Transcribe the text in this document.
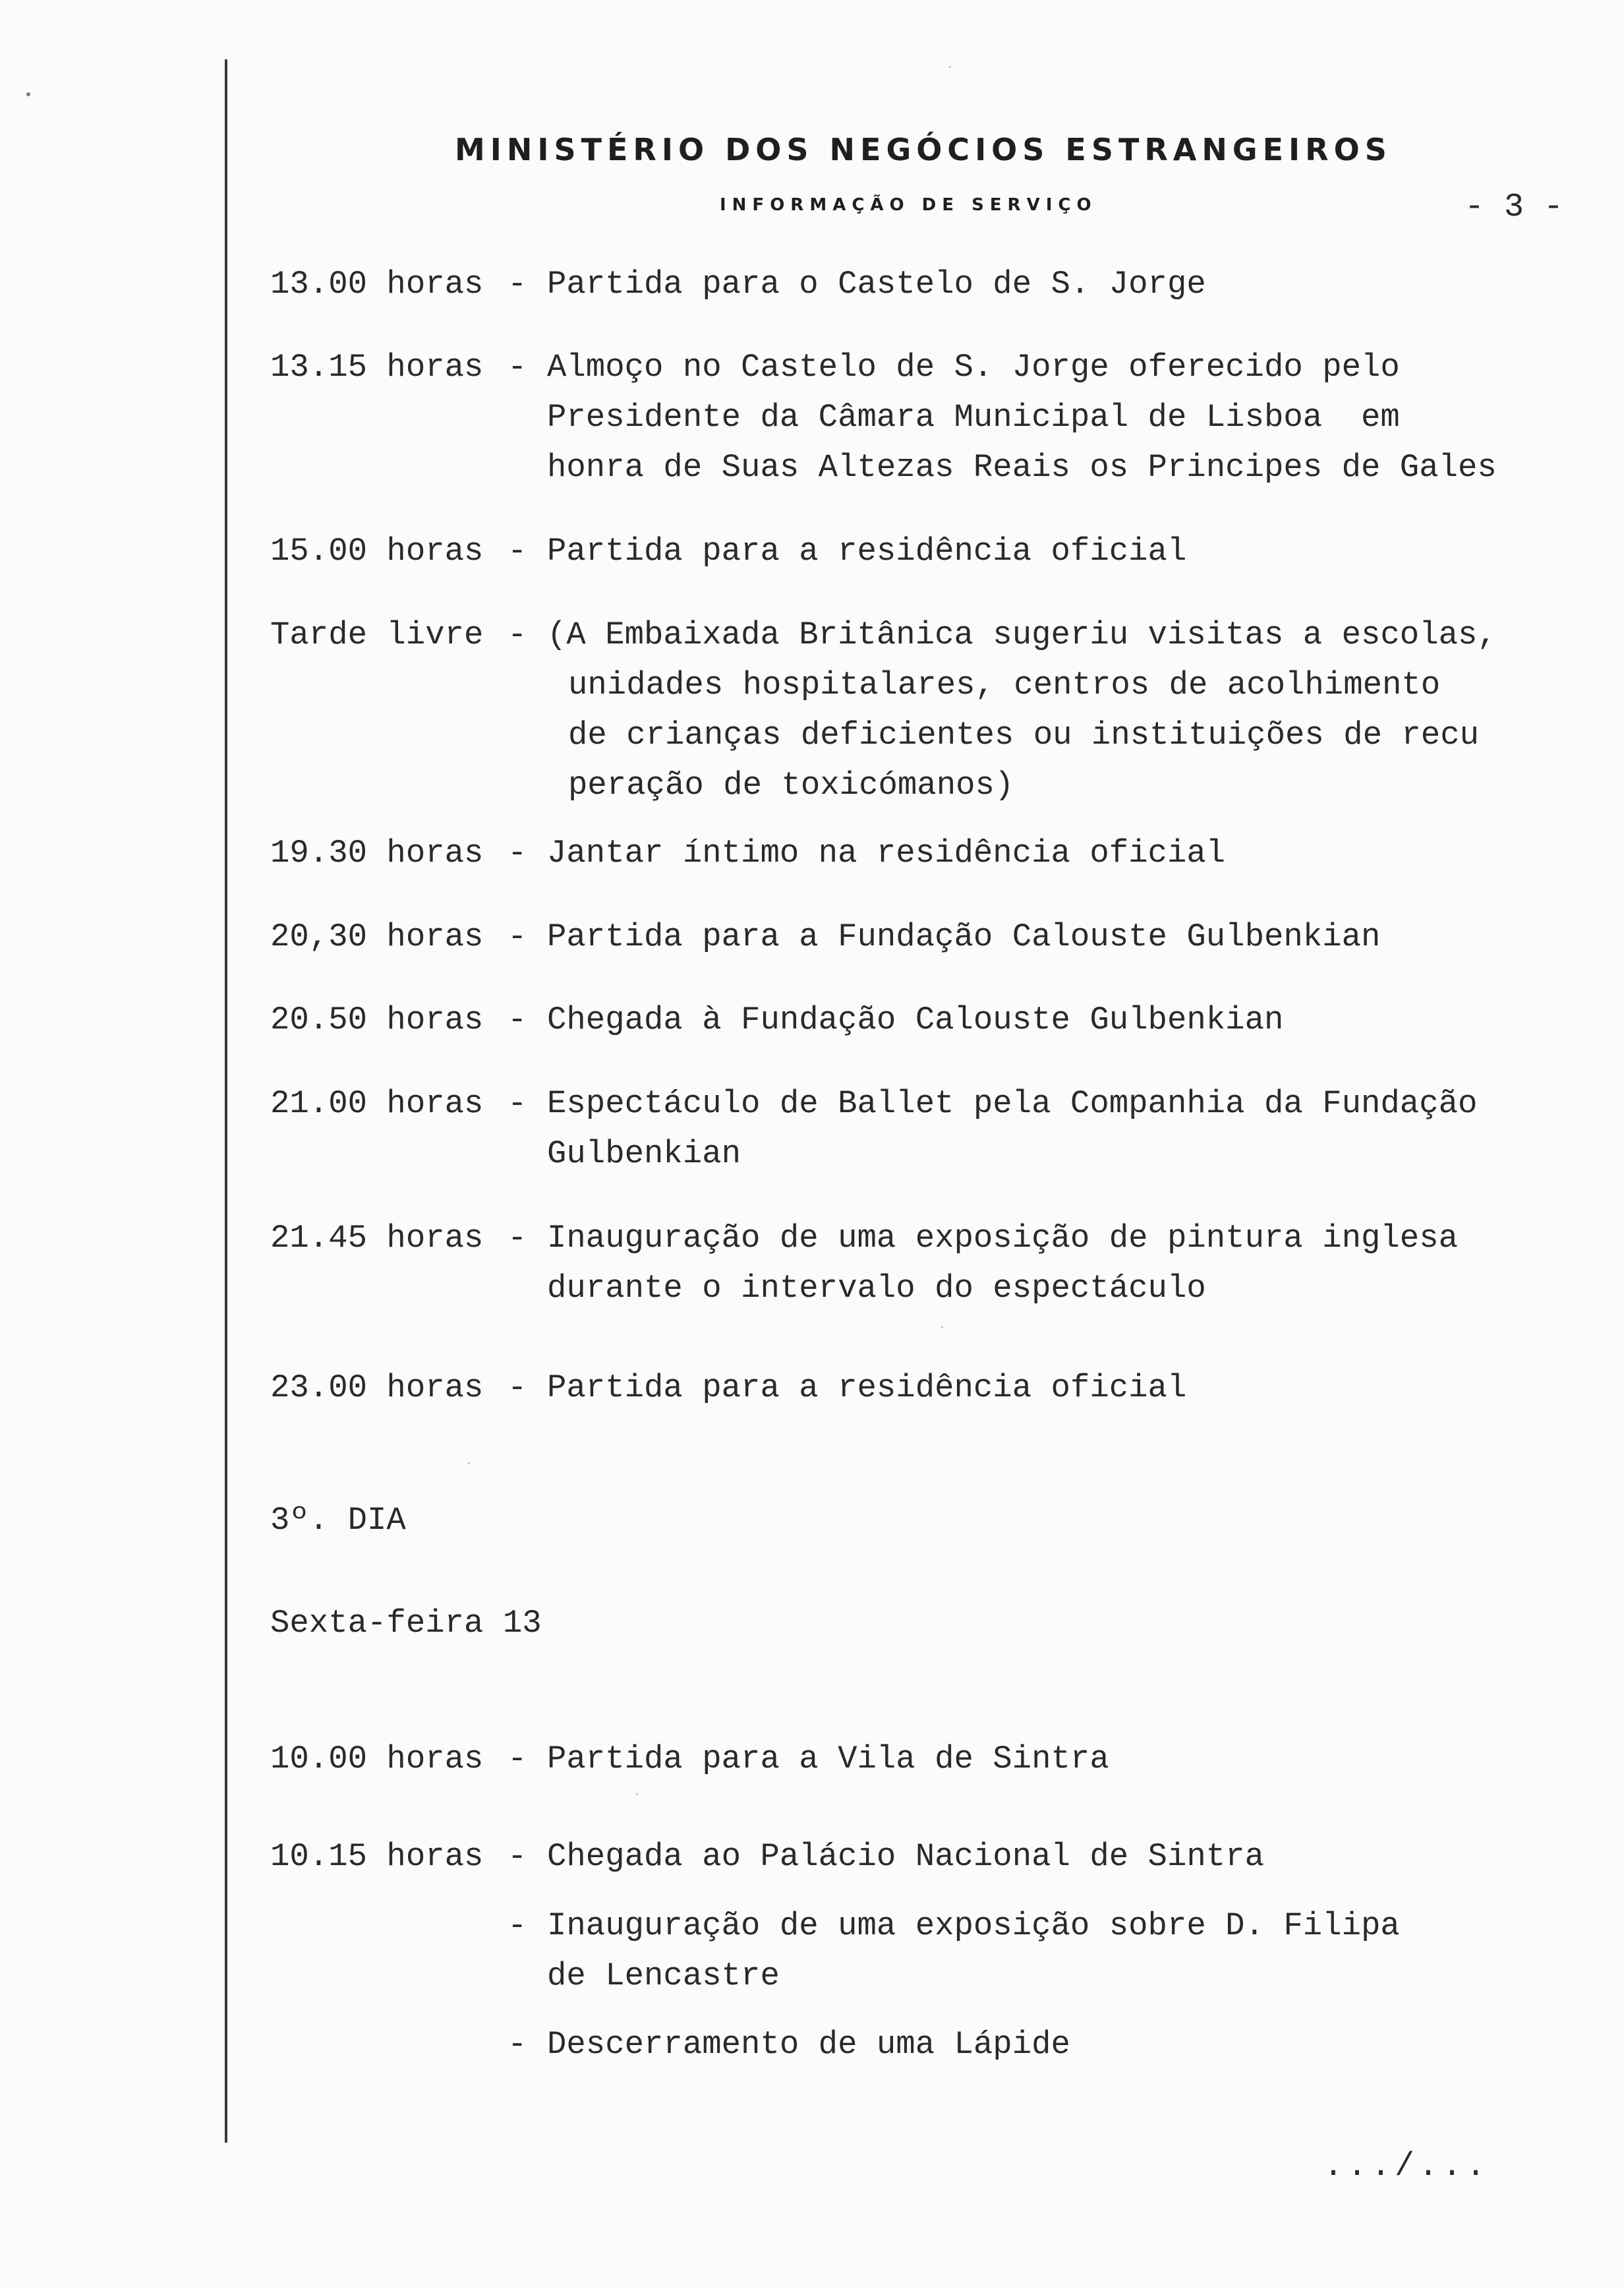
MINISTÉRIO DOS NEGÓCIOS ESTRANGEIROS
INFORMAÇÃO DE SERVIÇO	- 3 -
13.00 horas - Partida para o Castelo de S. Jorge
13.15 horas - Almoço no Castelo de S. Jorge oferecido pelo
Presidente da Câmara Municipal de Lisboa  em
honra de Suas Altezas Reais os Principes de Gales
15.00 horas - Partida para a residência oficial
Tarde livre - (A Embaixada Britânica sugeriu visitas a escolas,
unidades hospitalares, centros de acolhimento
de crianças deficientes ou instituições de recu
peração de toxicómanos)
19.30 horas - Jantar íntimo na residência oficial
20,30 horas - Partida para a Fundação Calouste Gulbenkian
20.50 horas - Chegada à Fundação Calouste Gulbenkian
21.00 horas - Espectáculo de Ballet pela Companhia da Fundação
Gulbenkian
21.45 horas - Inauguração de uma exposição de pintura inglesa
durante o intervalo do espectáculo
23.00 horas - Partida para a residência oficial
3º. DIA
Sexta-feira 13
10.00 horas - Partida para a Vila de Sintra
10.15 horas - Chegada ao Palácio Nacional de Sintra
- Inauguração de uma exposição sobre D. Filipa
de Lencastre
- Descerramento de uma Lápide
.../...
